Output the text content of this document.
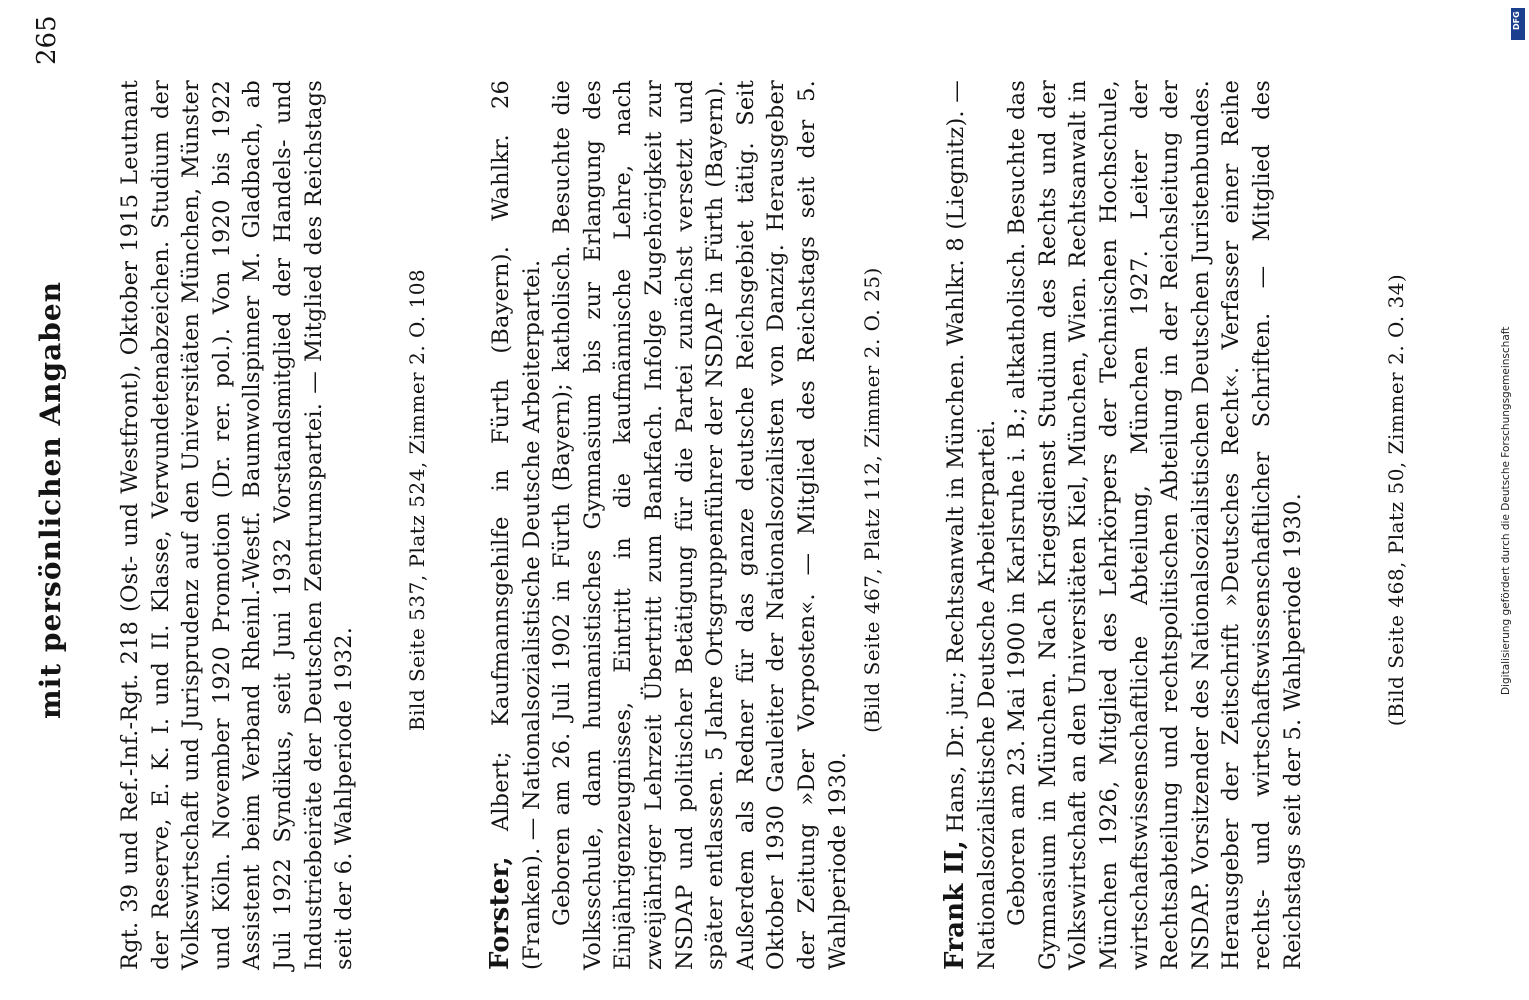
mit persönlichen Angaben
265

Rgt. 39 und Ref.-Inf.-Rgt. 218 (Ost- und Westfront), Oktober 1915 Leutnant der Reserve, E. K. I. und II. Klasse, Verwundetenabzeichen. Studium der Volkswirtschaft und Jurisprudenz auf den Universitäten München, Münster und Köln. November 1920 Promotion (Dr. rer. pol.). Von 1920 bis 1922 Assistent beim Verband Rheinl.-Westf. Baumwollspinner M. Gladbach, ab Juli 1922 Syndikus, seit Juni 1932 Vorstandsmitglied der Handels- und Industriebeiräte der Deutschen Zentrumspartei. — Mitglied des Reichstags seit der 6. Wahlperiode 1932.

Bild Seite 537, Platz 524, Zimmer 2. O. 108

Forster, Albert; Kaufmannsgehilfe in Fürth (Bayern). Wahlkr. 26 (Franken). — Nationalsozialistische Deutsche Arbeiterpartei. Geboren am 26. Juli 1902 in Fürth (Bayern); katholisch. Besuchte die Volksschule, dann humanistisches Gymnasium bis zur Erlangung des Einjährigenzeugnisses, Eintritt in die kaufmännische Lehre, nach zweijähriger Lehrzeit Übertritt zum Bankfach. Infolge Zugehörigkeit zur NSDAP und politischer Betätigung für die Partei zunächst versetzt und später entlassen. 5 Jahre Ortsgruppenführer der NSDAP in Fürth (Bayern). Außerdem als Redner für das ganze deutsche Reichsgebiet tätig. Seit Oktober 1930 Gauleiter der Nationalsozialisten von Danzig. Herausgeber der Zeitung »Der Vorposten«. — Mitglied des Reichstags seit der 5. Wahlperiode 1930.

(Bild Seite 467, Platz 112, Zimmer 2. O. 25)

Frank II, Hans, Dr. jur.; Rechtsanwalt in München. Wahlkr. 8 (Liegnitz). — Nationalsozialistische Deutsche Arbeiterpartei. Geboren am 23. Mai 1900 in Karlsruhe i. B.; altkatholisch. Besuchte das Gymnasium in München. Nach Kriegsdienst Studium des Rechts und der Volkswirtschaft an den Universitäten Kiel, München, Wien. Rechtsanwalt in München 1926, Mitglied des Lehrkörpers der Technischen Hochschule, wirtschaftswissenschaftliche Abteilung, München 1927. Leiter der Rechtsabteilung und rechtspolitischen Abteilung in der Reichsleitung der NSDAP. Vorsitzender des Nationalsozialistischen Deutschen Juristenbundes. Herausgeber der Zeitschrift »Deutsches Recht«. Verfasser einer Reihe rechts- und wirtschaftswissenschaftlicher Schriften. — Mitglied des Reichstags seit der 5. Wahlperiode 1930.	(Bild Seite 468, Platz 50, Zimmer 2. O. 34)
DFG
Digitalisierung gefördert durch die Deutsche Forschungsgemeinschaft
